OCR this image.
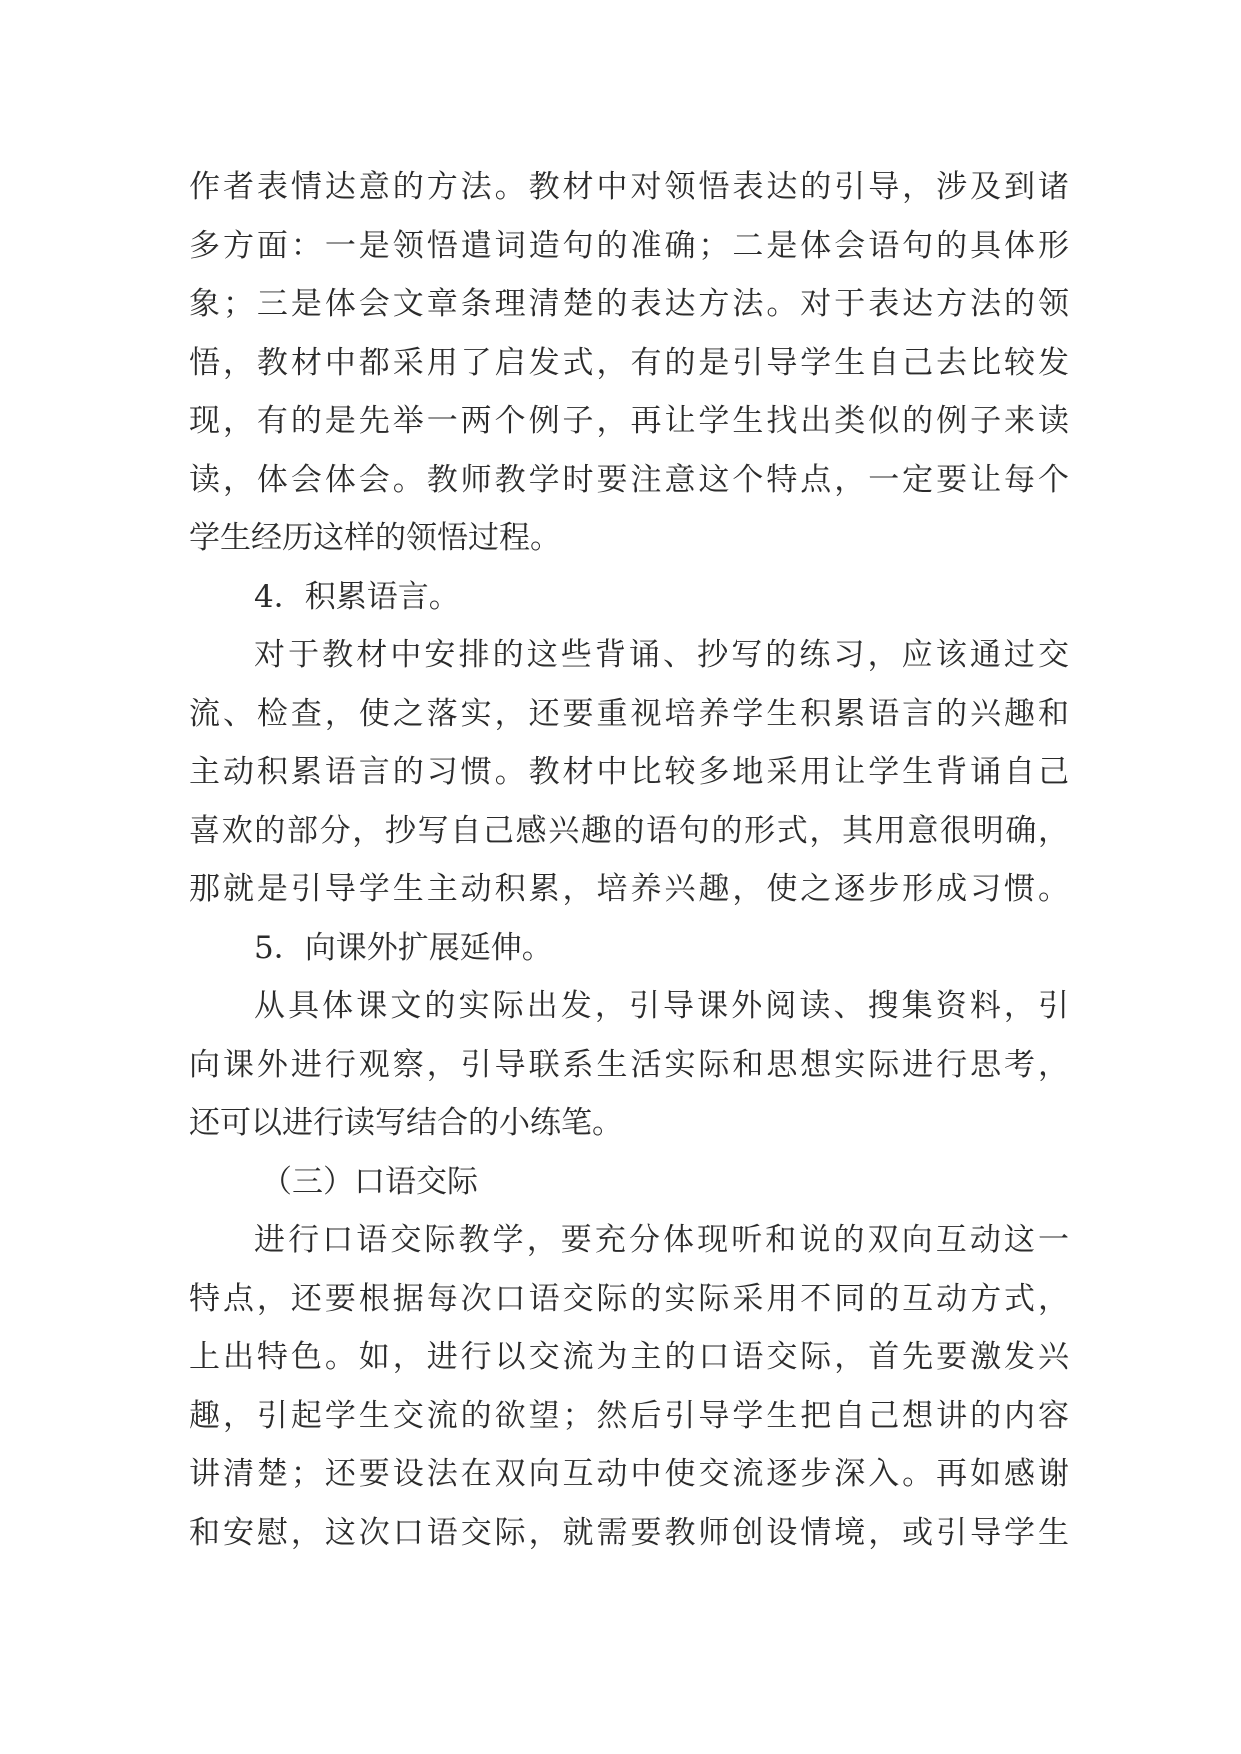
作者表情达意的方法。教材中对领悟表达的引导，涉及到诸
多方面：一是领悟遣词造句的准确；二是体会语句的具体形
象；三是体会文章条理清楚的表达方法。对于表达方法的领
悟，教材中都采用了启发式，有的是引导学生自己去比较发
现，有的是先举一两个例子，再让学生找出类似的例子来读
读，体会体会。教师教学时要注意这个特点，一定要让每个
学生经历这样的领悟过程。
4．积累语言。
对于教材中安排的这些背诵、抄写的练习，应该通过交
流、检查，使之落实，还要重视培养学生积累语言的兴趣和
主动积累语言的习惯。教材中比较多地采用让学生背诵自己
喜欢的部分，抄写自己感兴趣的语句的形式，其用意很明确，
那就是引导学生主动积累，培养兴趣，使之逐步形成习惯。
5．向课外扩展延伸。
从具体课文的实际出发，引导课外阅读、搜集资料，引
向课外进行观察，引导联系生活实际和思想实际进行思考，
还可以进行读写结合的小练笔。
（三）口语交际
进行口语交际教学，要充分体现听和说的双向互动这一
特点，还要根据每次口语交际的实际采用不同的互动方式，
上出特色。如，进行以交流为主的口语交际，首先要激发兴
趣，引起学生交流的欲望；然后引导学生把自己想讲的内容
讲清楚；还要设法在双向互动中使交流逐步深入。再如感谢
和安慰，这次口语交际，就需要教师创设情境，或引导学生
